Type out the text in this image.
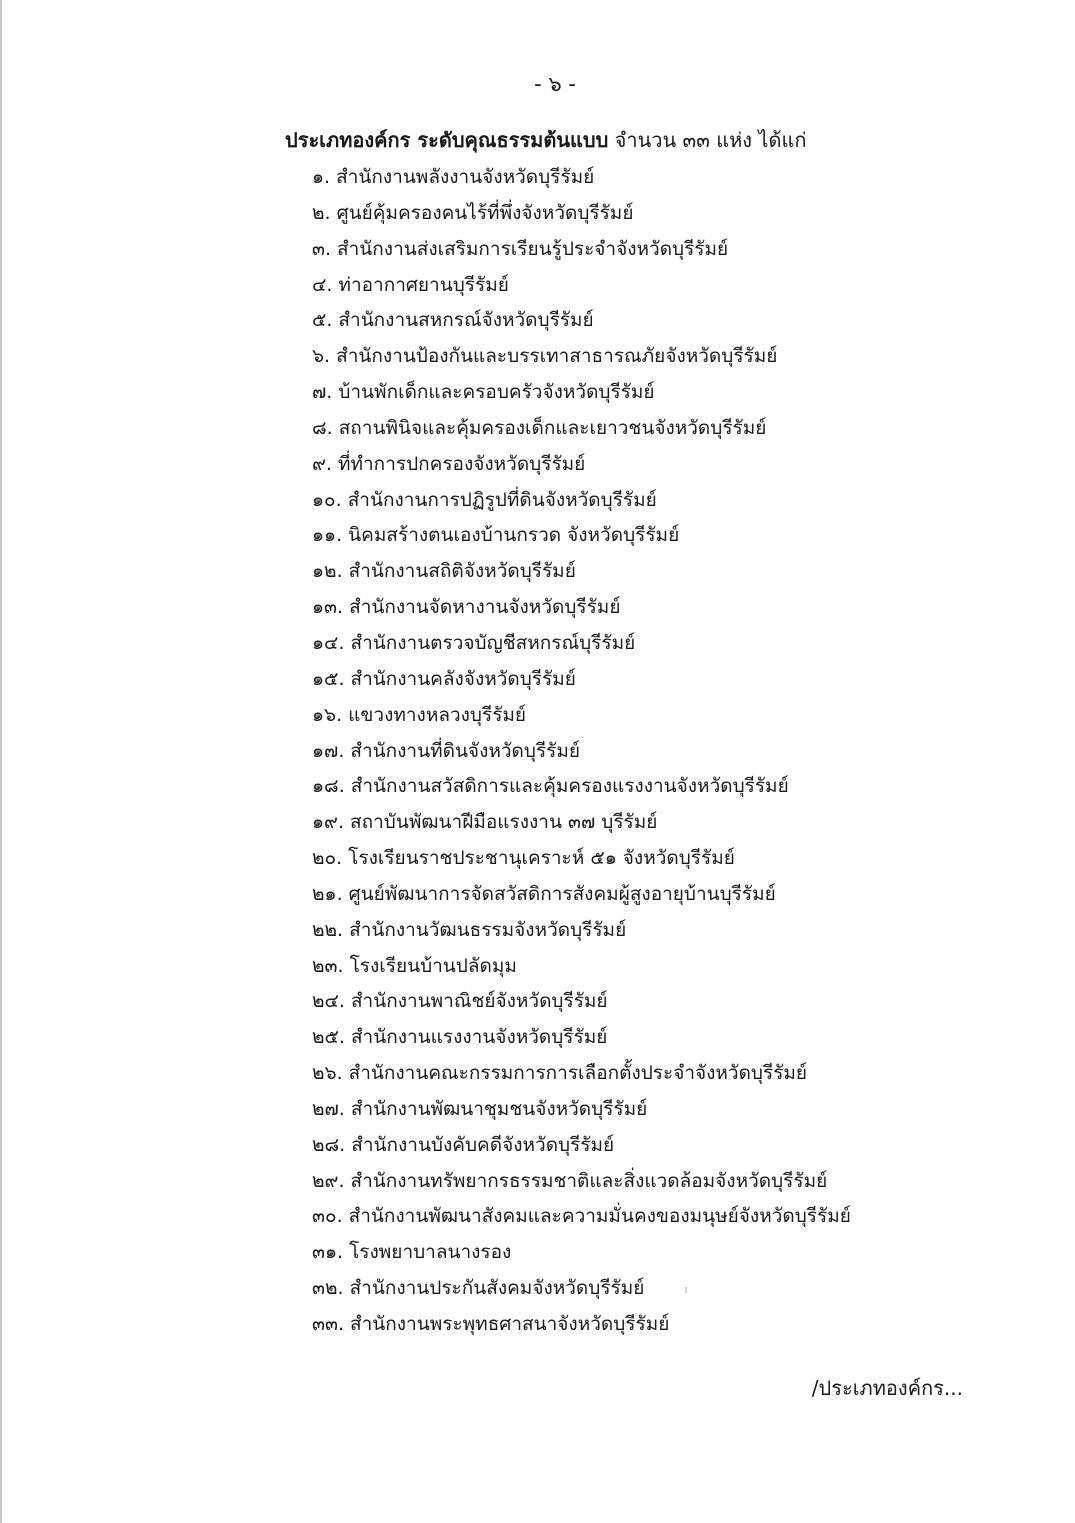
- ๖ -
ประเภทองค์กร ระดับคุณธรรมต้นแบบ จำนวน ๓๓ แห่ง ได้แก่
๑. สำนักงานพลังงานจังหวัดบุรีรัมย์
๒. ศูนย์คุ้มครองคนไร้ที่พึ่งจังหวัดบุรีรัมย์
๓. สำนักงานส่งเสริมการเรียนรู้ประจำจังหวัดบุรีรัมย์
๔. ท่าอากาศยานบุรีรัมย์
๕. สำนักงานสหกรณ์จังหวัดบุรีรัมย์
๖. สำนักงานป้องกันและบรรเทาสาธารณภัยจังหวัดบุรีรัมย์
๗. บ้านพักเด็กและครอบครัวจังหวัดบุรีรัมย์
๘. สถานพินิจและคุ้มครองเด็กและเยาวชนจังหวัดบุรีรัมย์
๙. ที่ทำการปกครองจังหวัดบุรีรัมย์
๑๐. สำนักงานการปฏิรูปที่ดินจังหวัดบุรีรัมย์
๑๑. นิคมสร้างตนเองบ้านกรวด จังหวัดบุรีรัมย์
๑๒. สำนักงานสถิติจังหวัดบุรีรัมย์
๑๓. สำนักงานจัดหางานจังหวัดบุรีรัมย์
๑๔. สำนักงานตรวจบัญชีสหกรณ์บุรีรัมย์
๑๕. สำนักงานคลังจังหวัดบุรีรัมย์
๑๖. แขวงทางหลวงบุรีรัมย์
๑๗. สำนักงานที่ดินจังหวัดบุรีรัมย์
๑๘. สำนักงานสวัสดิการและคุ้มครองแรงงานจังหวัดบุรีรัมย์
๑๙. สถาบันพัฒนาฝีมือแรงงาน ๓๗ บุรีรัมย์
๒๐. โรงเรียนราชประชานุเคราะห์ ๕๑ จังหวัดบุรีรัมย์
๒๑. ศูนย์พัฒนาการจัดสวัสดิการสังคมผู้สูงอายุบ้านบุรีรัมย์
๒๒. สำนักงานวัฒนธรรมจังหวัดบุรีรัมย์
๒๓. โรงเรียนบ้านปลัดมุม
๒๔. สำนักงานพาณิชย์จังหวัดบุรีรัมย์
๒๕. สำนักงานแรงงานจังหวัดบุรีรัมย์
๒๖. สำนักงานคณะกรรมการการเลือกตั้งประจำจังหวัดบุรีรัมย์
๒๗. สำนักงานพัฒนาชุมชนจังหวัดบุรีรัมย์
๒๘. สำนักงานบังคับคดีจังหวัดบุรีรัมย์
๒๙. สำนักงานทรัพยากรธรรมชาติและสิ่งแวดล้อมจังหวัดบุรีรัมย์
๓๐. สำนักงานพัฒนาสังคมและความมั่นคงของมนุษย์จังหวัดบุรีรัมย์
๓๑. โรงพยาบาลนางรอง
๓๒. สำนักงานประกันสังคมจังหวัดบุรีรัมย์
๓๓. สำนักงานพระพุทธศาสนาจังหวัดบุรีรัมย์
/ประเภทองค์กร...
